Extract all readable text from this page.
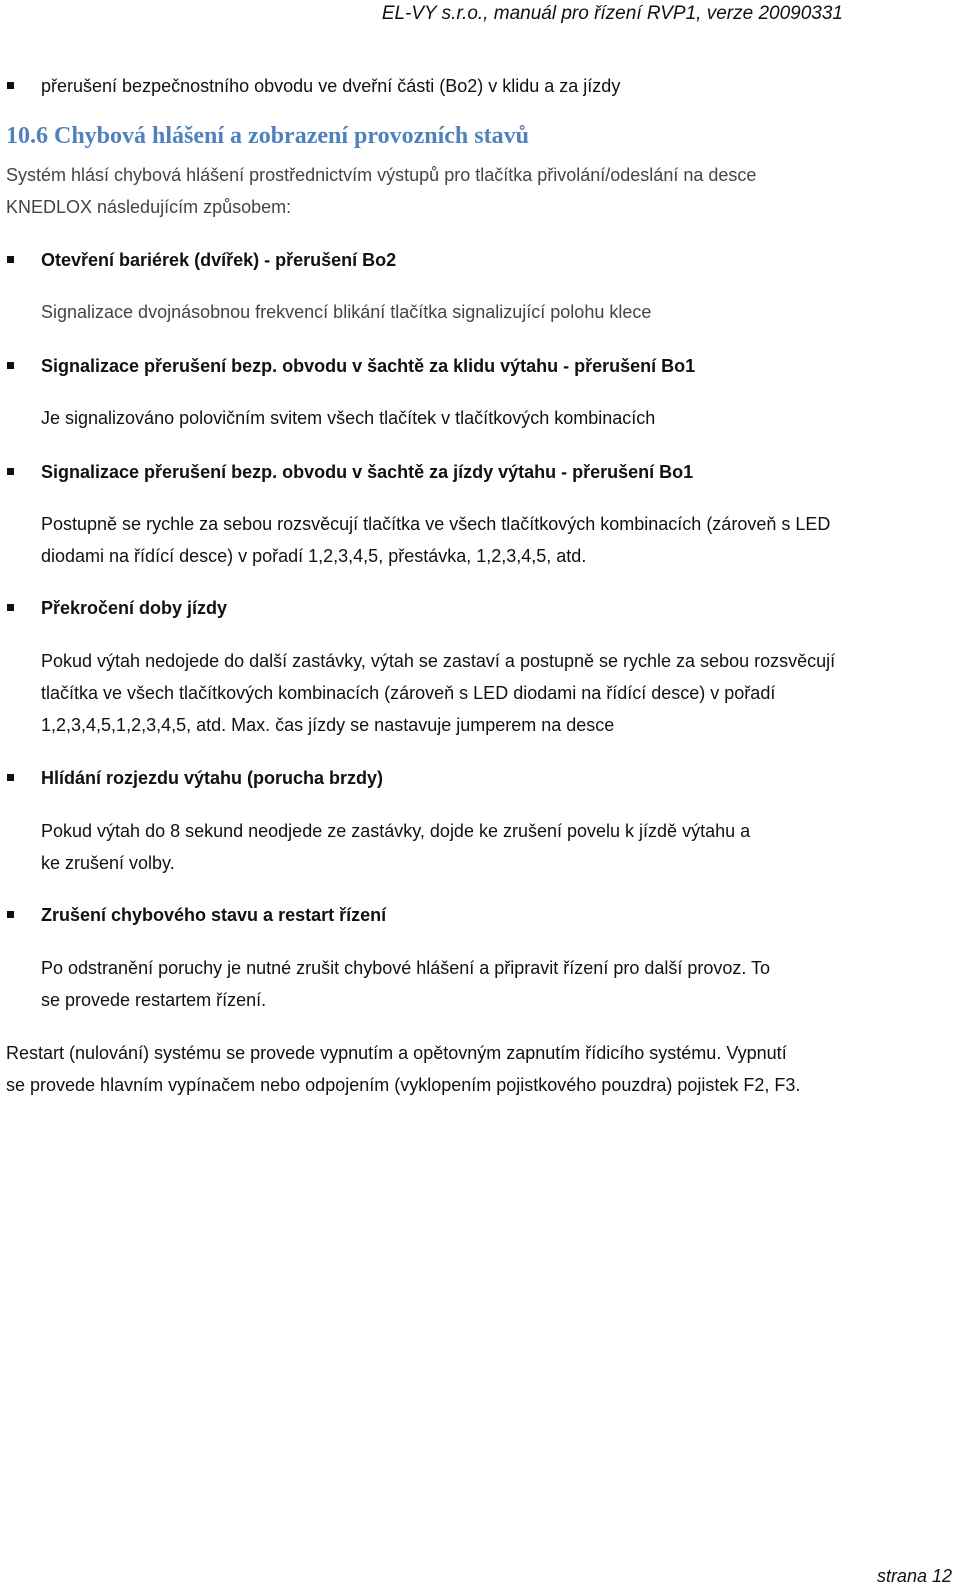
EL-VY s.r.o., manuál pro řízení RVP1, verze 20090331
přerušení bezpečnostního obvodu ve dveřní části (Bo2) v klidu a za jízdy
10.6 Chybová hlášení a zobrazení provozních stavů
Systém hlásí chybová hlášení prostřednictvím výstupů pro tlačítka přivolání/odeslání na desce
KNEDLOX následujícím způsobem:
Otevření bariérek (dvířek) - přerušení Bo2
Signalizace dvojnásobnou frekvencí blikání tlačítka signalizující polohu klece
Signalizace přerušení bezp. obvodu v šachtě za klidu výtahu - přerušení Bo1
Je signalizováno polovičním svitem všech tlačítek v tlačítkových kombinacích
Signalizace přerušení bezp. obvodu v šachtě za jízdy výtahu - přerušení Bo1
Postupně se rychle za sebou rozsvěcují tlačítka ve všech tlačítkových kombinacích (zároveň s LED
diodami na řídící desce) v pořadí 1,2,3,4,5, přestávka, 1,2,3,4,5, atd.
Překročení doby jízdy
Pokud výtah nedojede do další zastávky, výtah se zastaví a postupně se rychle za sebou rozsvěcují
tlačítka ve všech tlačítkových kombinacích (zároveň s LED diodami na řídící desce) v pořadí
1,2,3,4,5,1,2,3,4,5, atd. Max. čas jízdy se nastavuje jumperem na desce
Hlídání rozjezdu výtahu (porucha brzdy)
Pokud výtah do 8 sekund neodjede ze zastávky, dojde ke zrušení povelu k jízdě výtahu a
ke zrušení volby.
Zrušení chybového stavu a restart řízení
Po odstranění poruchy je nutné zrušit chybové hlášení a připravit řízení pro další provoz. To
se provede restartem řízení.
Restart (nulování) systému se provede vypnutím a opětovným zapnutím řídicího systému. Vypnutí
se provede hlavním vypínačem nebo odpojením (vyklopením pojistkového pouzdra) pojistek F2, F3.
strana 12
